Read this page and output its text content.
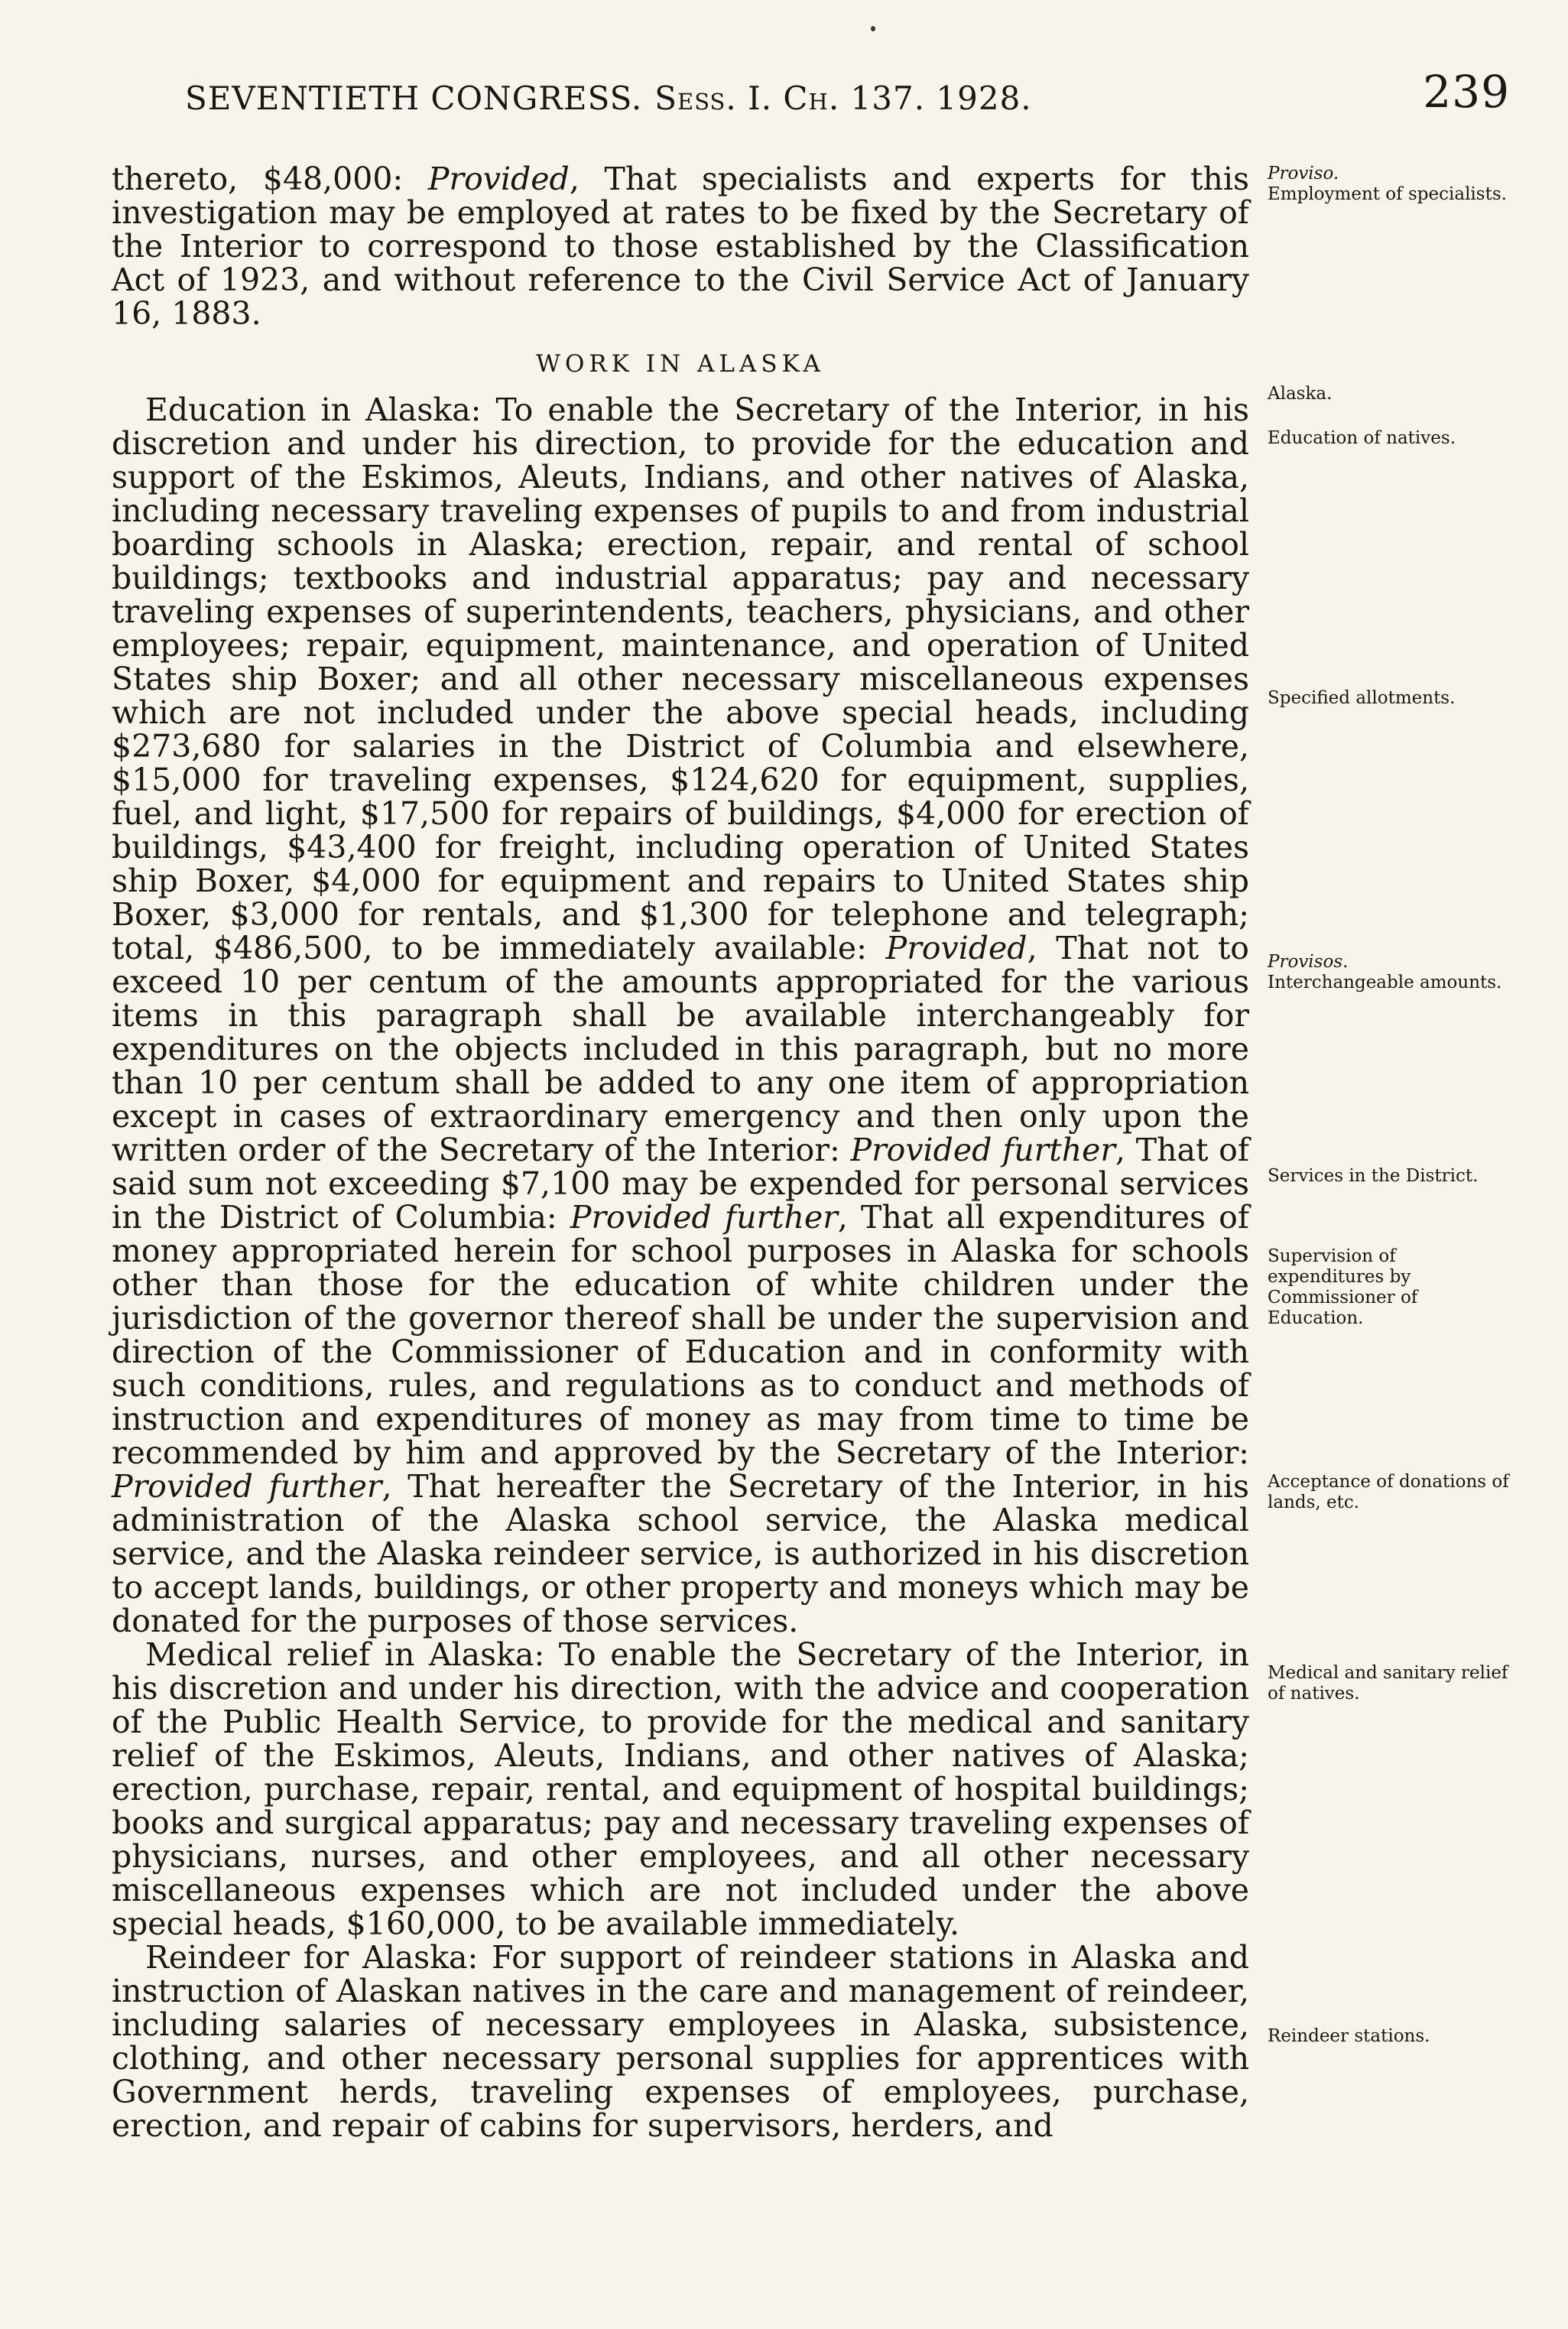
SEVENTIETH CONGRESS. Sess. I. Ch. 137. 1928.	239

thereto, $48,000: Provided, That specialists and experts for this investigation may be employed at rates to be fixed by the Secretary of the Interior to correspond to those established by the Classification Act of 1923, and without reference to the Civil Service Act of January 16, 1883.

WORK IN ALASKA

Education in Alaska: To enable the Secretary of the Interior, in his discretion and under his direction, to provide for the education and support of the Eskimos, Aleuts, Indians, and other natives of Alaska, including necessary traveling expenses of pupils to and from industrial boarding schools in Alaska; erection, repair, and rental of school buildings; textbooks and industrial apparatus; pay and necessary traveling expenses of superintendents, teachers, physicians, and other employees; repair, equipment, maintenance, and operation of United States ship Boxer; and all other necessary miscellaneous expenses which are not included under the above special heads, including $273,680 for salaries in the District of Columbia and elsewhere, $15,000 for traveling expenses, $124,620 for equipment, supplies, fuel, and light, $17,500 for repairs of buildings, $4,000 for erection of buildings, $43,400 for freight, including operation of United States ship Boxer, $4,000 for equipment and repairs to United States ship Boxer, $3,000 for rentals, and $1,300 for telephone and telegraph; total, $486,500, to be immediately available: Provided, That not to exceed 10 per centum of the amounts appropriated for the various items in this paragraph shall be available interchangeably for expenditures on the objects included in this paragraph, but no more than 10 per centum shall be added to any one item of appropriation except in cases of extraordinary emergency and then only upon the written order of the Secretary of the Interior: Provided further, That of said sum not exceeding $7,100 may be expended for personal services in the District of Columbia: Provided further, That all expenditures of money appropriated herein for school purposes in Alaska for schools other than those for the education of white children under the jurisdiction of the governor thereof shall be under the supervision and direction of the Commissioner of Education and in conformity with such conditions, rules, and regulations as to conduct and methods of instruction and expenditures of money as may from time to time be recommended by him and approved by the Secretary of the Interior: Provided further, That hereafter the Secretary of the Interior, in his administration of the Alaska school service, the Alaska medical service, and the Alaska reindeer service, is authorized in his discretion to accept lands, buildings, or other property and moneys which may be donated for the purposes of those services.

Medical relief in Alaska: To enable the Secretary of the Interior, in his discretion and under his direction, with the advice and cooperation of the Public Health Service, to provide for the medical and sanitary relief of the Eskimos, Aleuts, Indians, and other natives of Alaska; erection, purchase, repair, rental, and equipment of hospital buildings; books and surgical apparatus; pay and necessary traveling expenses of physicians, nurses, and other employees, and all other necessary miscellaneous expenses which are not included under the above special heads, $160,000, to be available immediately.

Reindeer for Alaska: For support of reindeer stations in Alaska and instruction of Alaskan natives in the care and management of reindeer, including salaries of necessary employees in Alaska, subsistence, clothing, and other necessary personal supplies for apprentices with Government herds, traveling expenses of employees, purchase, erection, and repair of cabins for supervisors, herders, and

Proviso.
Employment of specialists.
Alaska.
Education of natives.
Specified allotments.
Provisos.
Interchangeable amounts.
Services in the District.
Supervision of expenditures by Commissioner of Education.
Acceptance of donations of lands, etc.
Medical and sanitary relief of natives.
Reindeer stations.
